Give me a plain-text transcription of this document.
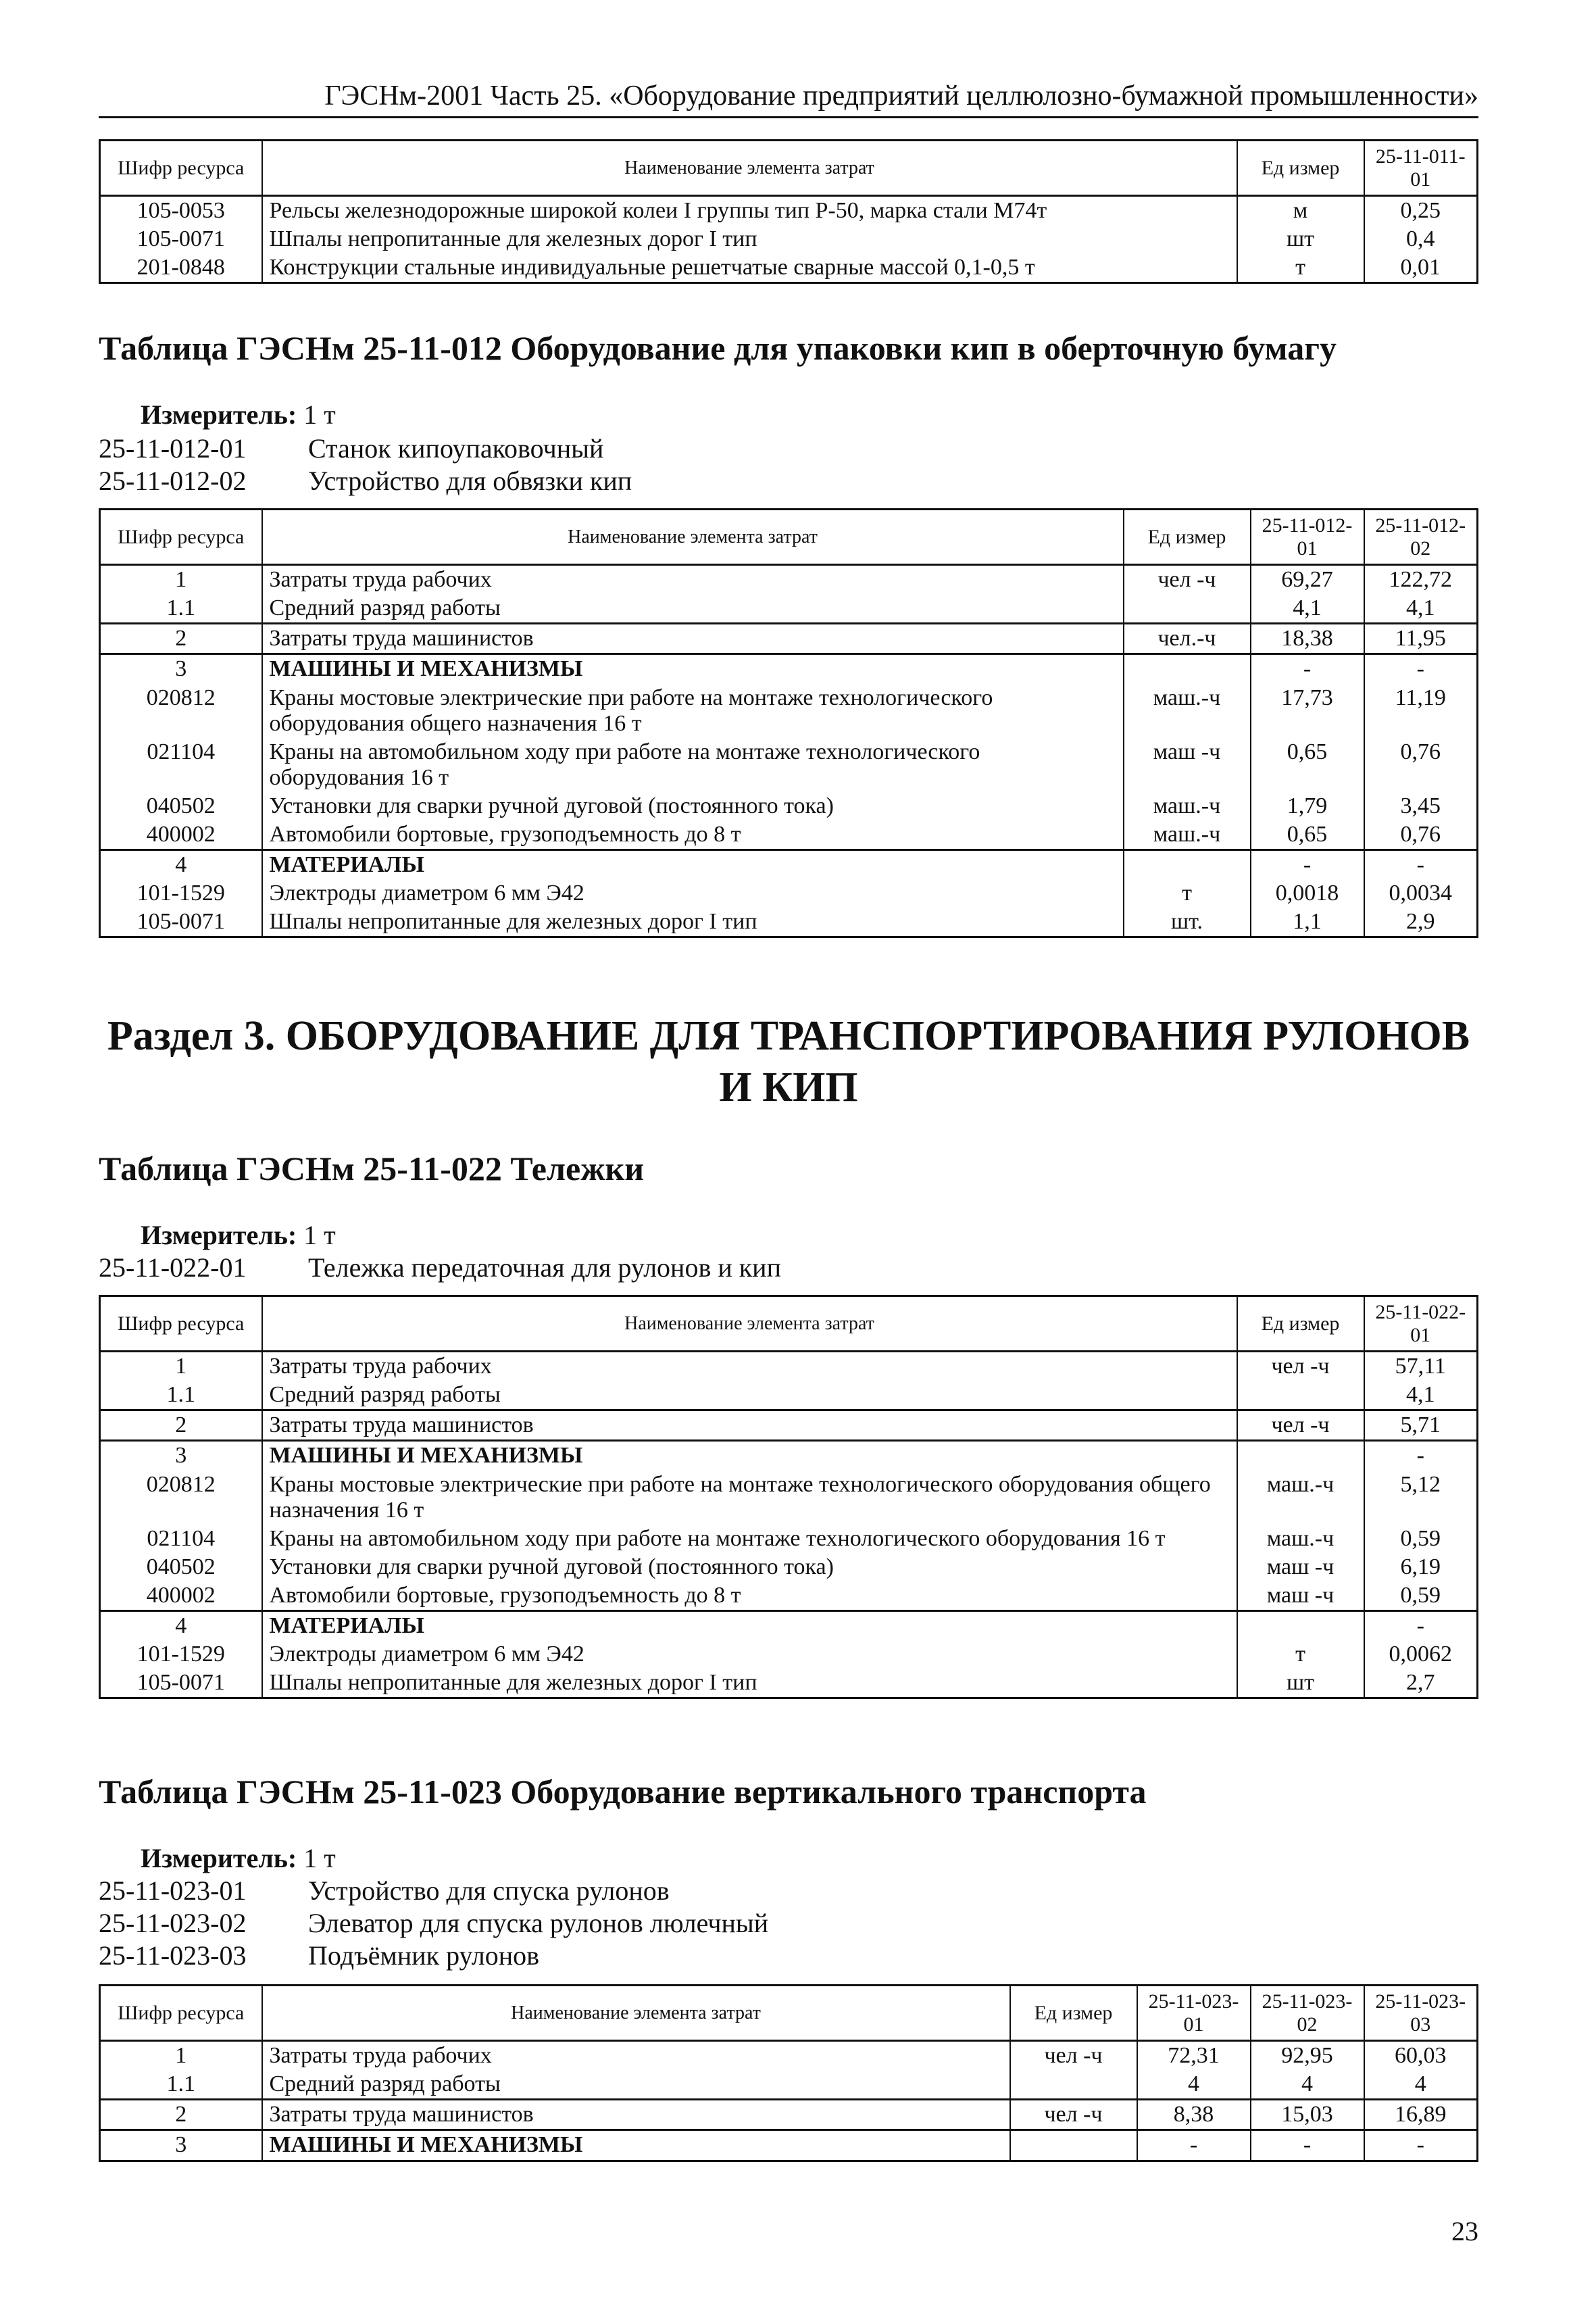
ГЭСНм-2001 Часть 25. «Оборудование предприятий целлюлозно-бумажной промышленности»
Шифр ресурса	Наименование элемента затрат	Ед измер	25-11-011-01
105-0053	Рельсы железнодорожные широкой колеи I группы тип Р-50, марка стали М74т	м	0,25
105-0071	Шпалы непропитанные для железных дорог I тип	шт	0,4
201-0848	Конструкции стальные индивидуальные решетчатые сварные массой 0,1-0,5 т	т	0,01
Таблица ГЭСНм 25-11-012 Оборудование для упаковки кип в оберточную бумагу
Измеритель: 1 т
25-11-012-01 Станок кипоупаковочный
25-11-012-02 Устройство для обвязки кип
Шифр ресурса	Наименование элемента затрат	Ед измер	25-11-012-01	25-11-012-02
1	Затраты труда рабочих	чел -ч	69,27	122,72
1.1	Средний разряд работы		4,1	4,1
2	Затраты труда машинистов	чел.-ч	18,38	11,95
3	МАШИНЫ И МЕХАНИЗМЫ		-	-
020812	Краны мостовые электрические при работе на монтаже технологического оборудования общего назначения 16 т	маш.-ч	17,73	11,19
021104	Краны на автомобильном ходу при работе на монтаже технологического оборудования 16 т	маш -ч	0,65	0,76
040502	Установки для сварки ручной дуговой (постоянного тока)	маш.-ч	1,79	3,45
400002	Автомобили бортовые, грузоподъемность до 8 т	маш.-ч	0,65	0,76
4	МАТЕРИАЛЫ		-	-
101-1529	Электроды диаметром 6 мм Э42	т	0,0018	0,0034
105-0071	Шпалы непропитанные для железных дорог I тип	шт.	1,1	2,9
Раздел 3. ОБОРУДОВАНИЕ ДЛЯ ТРАНСПОРТИРОВАНИЯ РУЛОНОВ И КИП
Таблица ГЭСНм 25-11-022 Тележки
Измеритель: 1 т
25-11-022-01 Тележка передаточная для рулонов и кип
Шифр ресурса	Наименование элемента затрат	Ед измер	25-11-022-01
1	Затраты труда рабочих	чел -ч	57,11
1.1	Средний разряд работы		4,1
2	Затраты труда машинистов	чел -ч	5,71
3	МАШИНЫ И МЕХАНИЗМЫ		-
020812	Краны мостовые электрические при работе на монтаже технологического оборудования общего назначения 16 т	маш.-ч	5,12
021104	Краны на автомобильном ходу при работе на монтаже технологического оборудования 16 т	маш.-ч	0,59
040502	Установки для сварки ручной дуговой (постоянного тока)	маш -ч	6,19
400002	Автомобили бортовые, грузоподъемность до 8 т	маш -ч	0,59
4	МАТЕРИАЛЫ		-
101-1529	Электроды диаметром 6 мм Э42	т	0,0062
105-0071	Шпалы непропитанные для железных дорог I тип	шт	2,7
Таблица ГЭСНм 25-11-023 Оборудование вертикального транспорта
Измеритель: 1 т
25-11-023-01 Устройство для спуска рулонов
25-11-023-02 Элеватор для спуска рулонов люлечный
25-11-023-03 Подъёмник рулонов
Шифр ресурса	Наименование элемента затрат	Ед измер	25-11-023-01	25-11-023-02	25-11-023-03
1	Затраты труда рабочих	чел -ч	72,31	92,95	60,03
1.1	Средний разряд работы		4	4	4
2	Затраты труда машинистов	чел -ч	8,38	15,03	16,89
3	МАШИНЫ И МЕХАНИЗМЫ		-	-	-
23
